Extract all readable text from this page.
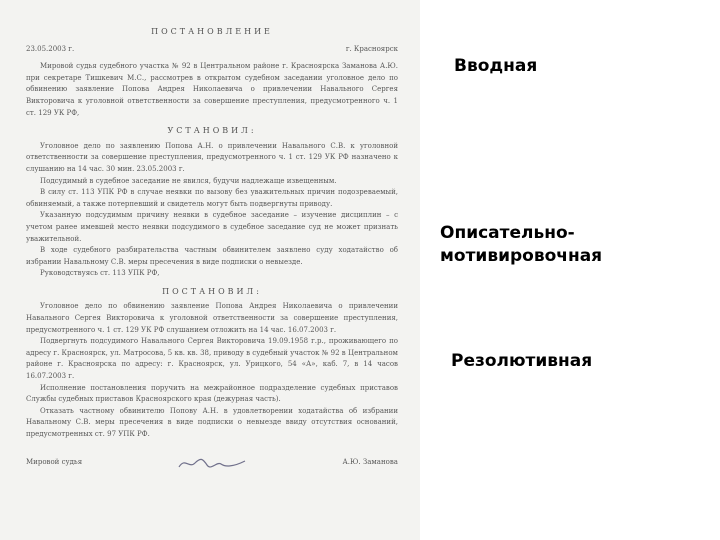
ПОСТАНОВЛЕНИЕ
23.05.2003 г.	г. Красноярск

Мировой судья судебного участка № 92 в Центральном районе г. Красноярска Заманова А.Ю. при секретаре Тишкевич М.С., рассмотрев в открытом судебном заседании уголовное дело по обвинению заявление Попова Андрея Николаевича о привлечении Навального Сергея Викторовича к уголовной ответственности за совершение преступления, предусмотренного ч. 1 ст. 129 УК РФ,

УСТАНОВИЛ:

Уголовное дело по заявлению Попова А.Н. о привлечении Навального С.В. к уголовной ответственности за совершение преступления, предусмотренного ч. 1 ст. 129 УК РФ назначено к слушанию на 14 час. 30 мин. 23.05.2003 г.

Подсудимый в судебное заседание не явился, будучи надлежаще извещенным.

В силу ст. 113 УПК РФ в случае неявки по вызову без уважительных причин подозреваемый, обвиняемый, а также потерпевший и свидетель могут быть подвергнуты приводу.

Указанную подсудимым причину неявки в судебное заседание – изучение дисциплин – с учетом ранее имевшей место неявки подсудимого в судебное заседание суд не может признать уважительной.

В ходе судебного разбирательства частным обвинителем заявлено суду ходатайство об избрании Навальному С.В. меры пресечения в виде подписки о невыезде.

Руководствуясь ст. 113 УПК РФ,

ПОСТАНОВИЛ:

Уголовное дело по обвинению заявление Попова Андрея Николаевича о привлечении Навального Сергея Викторовича к уголовной ответственности за совершение преступления, предусмотренного ч. 1 ст. 129 УК РФ слушанием отложить на 14 час. 16.07.2003 г.

Подвергнуть подсудимого Навального Сергея Викторовича 19.09.1958 г.р., проживающего по адресу г. Красноярск, ул. Матросова, 5 кв. кв. 38, приводу в судебный участок № 92 в Центральном районе г. Красноярска по адресу: г. Красноярск, ул. Урицкого, 54 «А», каб. 7, в 14 часов 16.07.2003 г.

Исполнение постановления поручить на межрайонное подразделение судебных приставов Службы судебных приставов Красноярского края (дежурная часть).

Отказать частному обвинителю Попову А.Н. в удовлетворении ходатайства об избрании Навальному С.В. меры пресечения в виде подписки о невыезде ввиду отсутствия оснований, предусмотренных ст. 97 УПК РФ.

Мировой судья	А.Ю. Заманова
Вводная
Описательно-мотивировочная
Резолютивная
